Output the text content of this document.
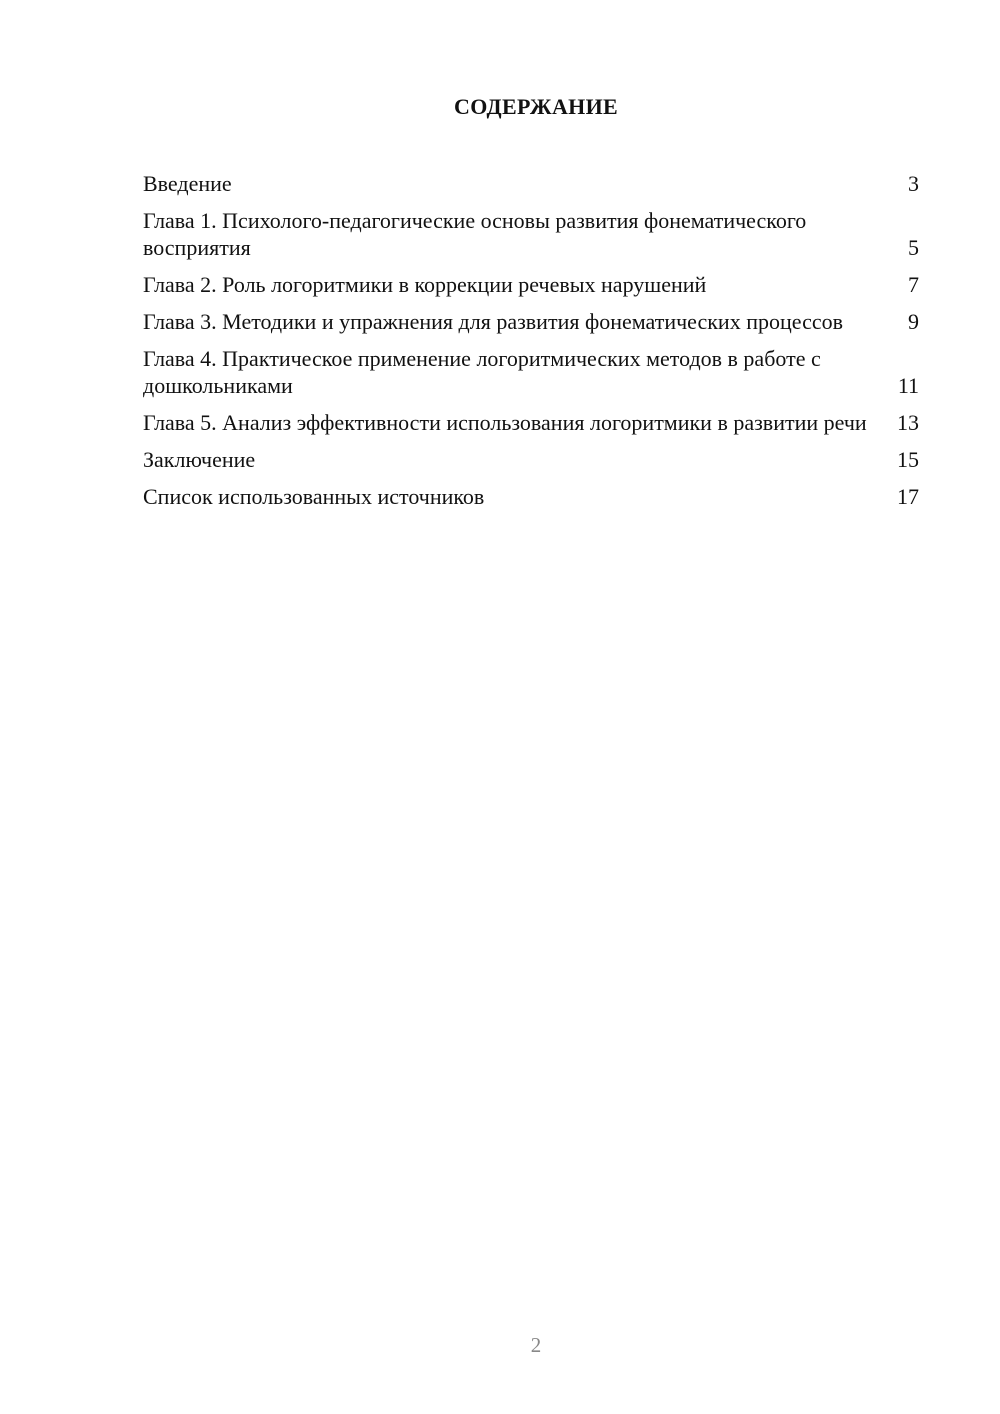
СОДЕРЖАНИЕ
Введение	3
Глава 1. Психолого-педагогические основы развития фонематического восприятия	5
Глава 2. Роль логоритмики в коррекции речевых нарушений	7
Глава 3. Методики и упражнения для развития фонематических процессов	9
Глава 4. Практическое применение логоритмических методов в работе с дошкольниками	11
Глава 5. Анализ эффективности использования логоритмики в развитии речи	13
Заключение	15
Список использованных источников	17
2
